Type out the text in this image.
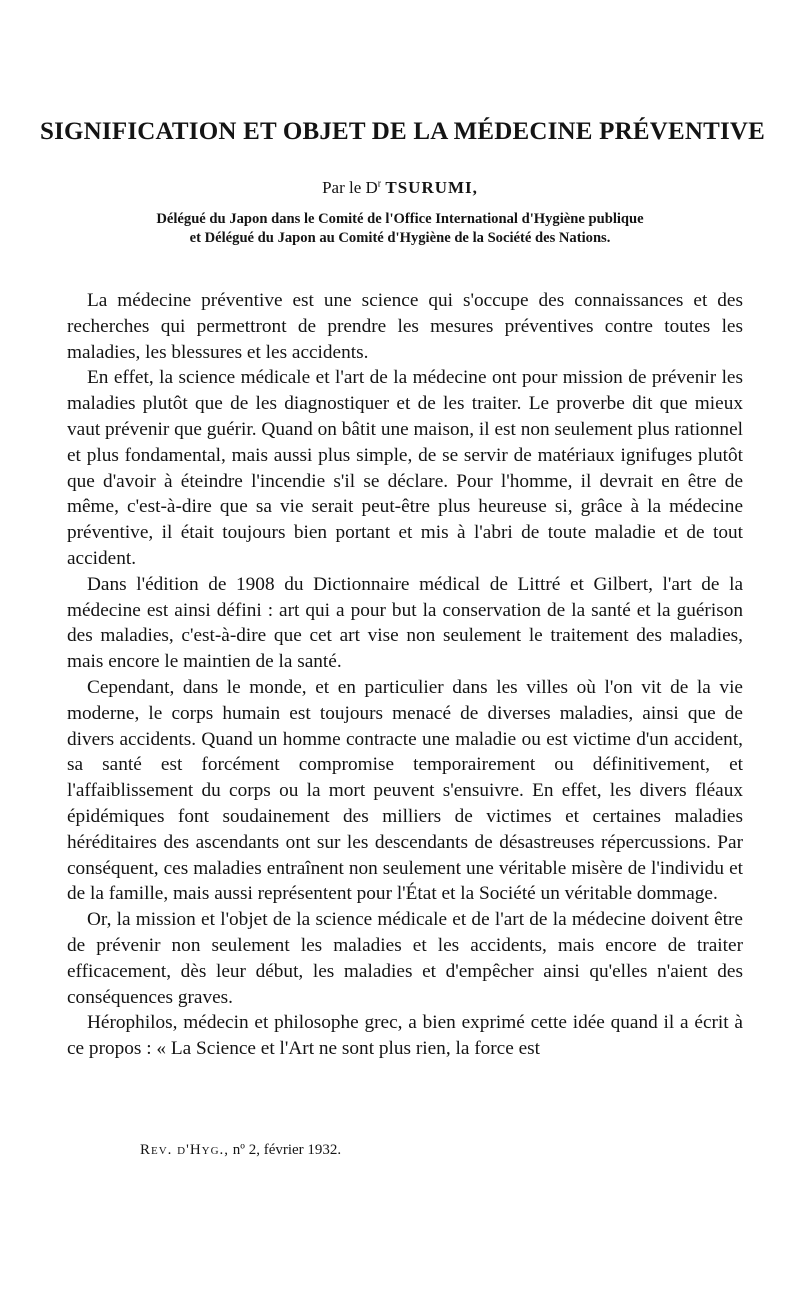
SIGNIFICATION ET OBJET DE LA MÉDECINE PRÉVENTIVE
Par le $D^r$ TSURUMI,
Délégué du Japon dans le Comité de l'Office International d'Hygiène publique
et Délégué du Japon au Comité d'Hygiène de la Société des Nations.

La médecine préventive est une science qui s'occupe des connaissances et des recherches qui permettront de prendre les mesures préventives contre toutes les maladies, les blessures et les accidents.

En effet, la science médicale et l'art de la médecine ont pour mission de prévenir les maladies plutôt que de les diagnostiquer et de les traiter. Le proverbe dit que mieux vaut prévenir que guérir. Quand on bâtit une maison, il est non seulement plus rationnel et plus fondamental, mais aussi plus simple, de se servir de matériaux ignifuges plutôt que d'avoir à éteindre l'incendie s'il se déclare. Pour l'homme, il devrait en être de même, c'est-à-dire que sa vie serait peut-être plus heureuse si, grâce à la médecine préventive, il était toujours bien portant et mis à l'abri de toute maladie et de tout accident.

Dans l'édition de 1908 du Dictionnaire médical de Littré et Gilbert, l'art de la médecine est ainsi défini : art qui a pour but la conservation de la santé et la guérison des maladies, c'est-à-dire que cet art vise non seulement le traitement des maladies, mais encore le maintien de la santé.

Cependant, dans le monde, et en particulier dans les villes où l'on vit de la vie moderne, le corps humain est toujours menacé de diverses maladies, ainsi que de divers accidents. Quand un homme contracte une maladie ou est victime d'un accident, sa santé est forcément compromise temporairement ou définitivement, et l'affaiblissement du corps ou la mort peuvent s'ensuivre. En effet, les divers fléaux épidémiques font soudainement des milliers de victimes et certaines maladies héréditaires des ascendants ont sur les descendants de désastreuses répercussions. Par conséquent, ces maladies entraînent non seulement une véritable misère de l'individu et de la famille, mais aussi représentent pour l'État et la Société un véritable dommage.

Or, la mission et l'objet de la science médicale et de l'art de la médecine doivent être de prévenir non seulement les maladies et les accidents, mais encore de traiter efficacement, dès leur début, les maladies et d'empêcher ainsi qu'elles n'aient des conséquences graves.

Hérophilos, médecin et philosophe grec, a bien exprimé cette idée quand il a écrit à ce propos : « La Science et l'Art ne sont plus rien, la force est

Rev. d'Hyg., nº 2, février 1932.
